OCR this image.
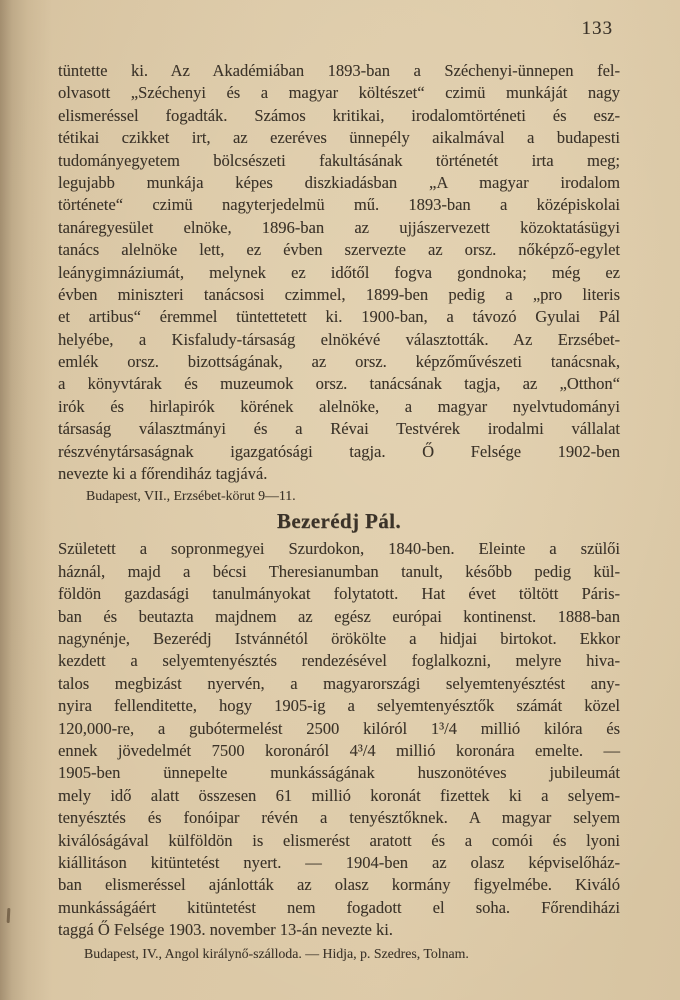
133
tüntette ki. Az Akadémiában 1893-ban a Széchenyi-ünnepen fel-
olvasott „Széchenyi és a magyar költészet“ czimü munkáját nagy
elismeréssel fogadták. Számos kritikai, irodalomtörténeti és esz-
tétikai czikket irt, az ezeréves ünnepély aikalmával a budapesti
tudományegyetem bölcsészeti fakultásának történetét irta meg;
legujabb munkája képes diszkiadásban „A magyar irodalom
története“ czimü nagyterjedelmü mű. 1893-ban a középiskolai
tanáregyesület elnöke, 1896-ban az ujjászervezett közoktatásügyi
tanács alelnöke lett, ez évben szervezte az orsz. nőképző-egylet
leánygimnáziumát, melynek ez időtől fogva gondnoka; még ez
évben miniszteri tanácsosi czimmel, 1899-ben pedig a „pro literis
et artibus“ éremmel tüntettetett ki. 1900-ban, a távozó Gyulai Pál
helyébe, a Kisfaludy-társaság elnökévé választották. Az Erzsébet-
emlék orsz. bizottságának, az orsz. képzőművészeti tanácsnak,
a könyvtárak és muzeumok orsz. tanácsának tagja, az „Otthon“
irók és hirlapirók körének alelnöke, a magyar nyelvtudományi
társaság választmányi és a Révai Testvérek irodalmi vállalat
részvénytársaságnak igazgatósági tagja. Ő Felsége 1902-ben
nevezte ki a főrendiház tagjává.
Budapest, VII., Erzsébet-körut 9—11.
Bezerédj Pál.
Született a sopronmegyei Szurdokon, 1840-ben. Eleinte a szülői
háznál, majd a bécsi Theresianumban tanult, később pedig kül-
földön gazdasági tanulmányokat folytatott. Hat évet töltött Páris-
ban és beutazta majdnem az egész európai kontinenst. 1888-ban
nagynénje, Bezerédj Istvánnétól örökölte a hidjai birtokot. Ekkor
kezdett a selyemtenyésztés rendezésével foglalkozni, melyre hiva-
talos megbizást nyervén, a magyarországi selyemtenyésztést any-
nyira fellenditette, hogy 1905-ig a selyemtenyésztők számát közel
120,000-re, a gubótermelést 2500 kilóról 1³/4 millió kilóra és
ennek jövedelmét 7500 koronáról 4³/4 millió koronára emelte. —
1905-ben ünnepelte munkásságának huszonötéves jubileumát
mely idő alatt összesen 61 millió koronát fizettek ki a selyem-
tenyésztés és fonóipar révén a tenyésztőknek. A magyar selyem
kiválóságával külföldön is elismerést aratott és a comói és lyoni
kiállitáson kitüntetést nyert. — 1904-ben az olasz képviselőház-
ban elismeréssel ajánlották az olasz kormány figyelmébe. Kiváló
munkásságáért kitüntetést nem fogadott el soha. Főrendiházi
taggá Ő Felsége 1903. november 13-án nevezte ki.
Budapest, IV., Angol királynő-szálloda. — Hidja, p. Szedres, Tolnam.
